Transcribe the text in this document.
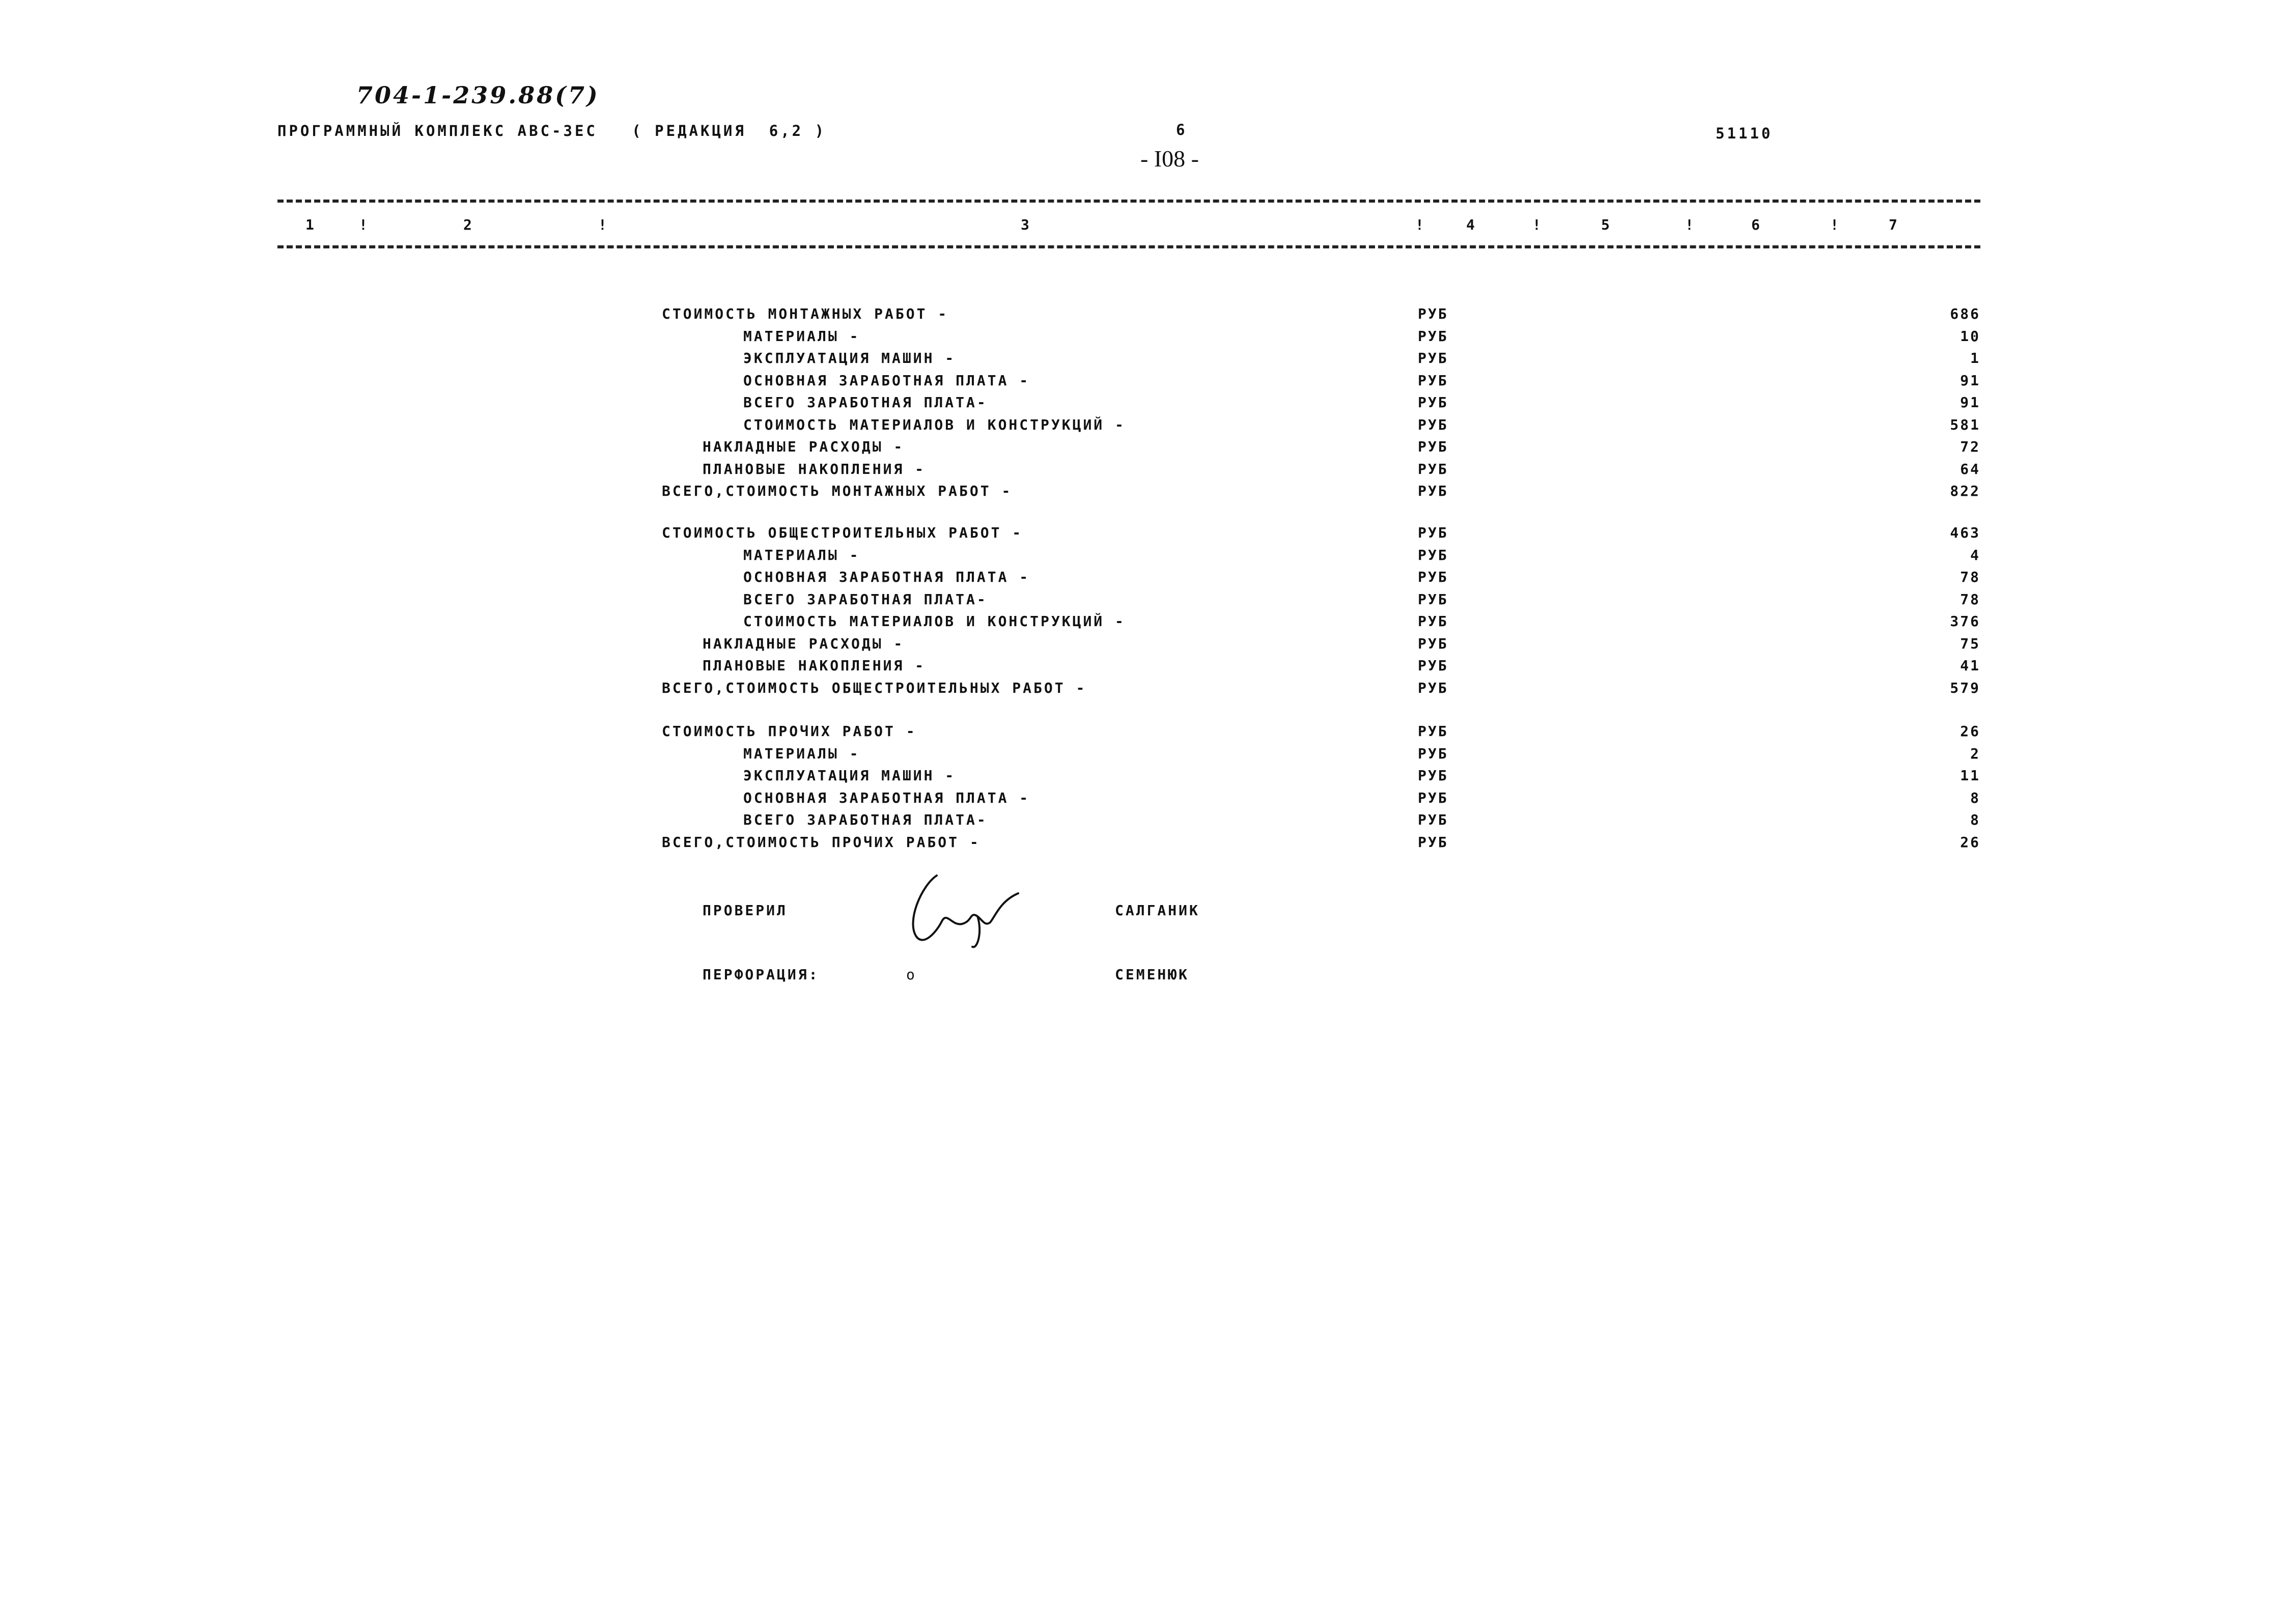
704-1-239.88(7)
ПРОГРАММНЫЙ КОМПЛЕКС АВС-3ЕС   ( РЕДАКЦИЯ  6,2 )	6
- I08 -
51110
1	!	2	!	3	!	4	!	5	!	6	!	7
СТОИМОСТЬ МОНТАЖНЫХ РАБОТ -	РУБ	686
МАТЕРИАЛЫ -	РУБ	10
ЭКСПЛУАТАЦИЯ МАШИН -	РУБ	1
ОСНОВНАЯ ЗАРАБОТНАЯ ПЛАТА -	РУБ	91
ВСЕГО ЗАРАБОТНАЯ ПЛАТА-	РУБ	91
СТОИМОСТЬ МАТЕРИАЛОВ И КОНСТРУКЦИЙ -	РУБ	581
НАКЛАДНЫЕ РАСХОДЫ -	РУБ	72
ПЛАНОВЫЕ НАКОПЛЕНИЯ -	РУБ	64
ВСЕГО,СТОИМОСТЬ МОНТАЖНЫХ РАБОТ -	РУБ	822
СТОИМОСТЬ ОБЩЕСТРОИТЕЛЬНЫХ РАБОТ -	РУБ	463
МАТЕРИАЛЫ -	РУБ	4
ОСНОВНАЯ ЗАРАБОТНАЯ ПЛАТА -	РУБ	78
ВСЕГО ЗАРАБОТНАЯ ПЛАТА-	РУБ	78
СТОИМОСТЬ МАТЕРИАЛОВ И КОНСТРУКЦИЙ -	РУБ	376
НАКЛАДНЫЕ РАСХОДЫ -	РУБ	75
ПЛАНОВЫЕ НАКОПЛЕНИЯ -	РУБ	41
ВСЕГО,СТОИМОСТЬ ОБЩЕСТРОИТЕЛЬНЫХ РАБОТ -	РУБ	579
СТОИМОСТЬ ПРОЧИХ РАБОТ -	РУБ	26
МАТЕРИАЛЫ -	РУБ	2
ЭКСПЛУАТАЦИЯ МАШИН -	РУБ	11
ОСНОВНАЯ ЗАРАБОТНАЯ ПЛАТА -	РУБ	8
ВСЕГО ЗАРАБОТНАЯ ПЛАТА-	РУБ	8
ВСЕГО,СТОИМОСТЬ ПРОЧИХ РАБОТ -	РУБ	26
ПРОВЕРИЛ	САЛГАНИК
ПЕРФОРАЦИЯ:	о	СЕМЕНЮК
